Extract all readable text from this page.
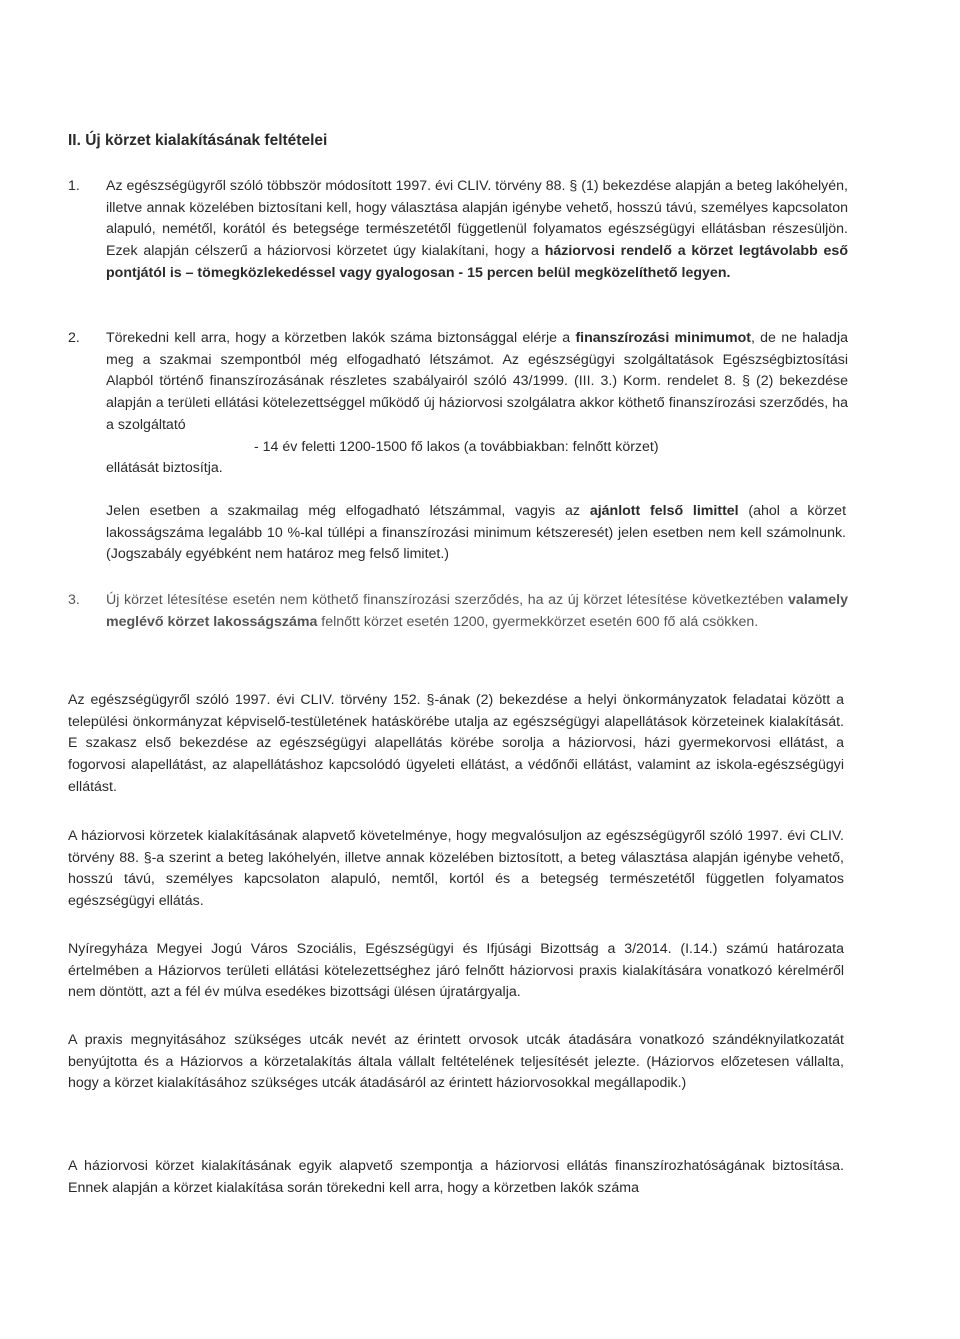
II. Új körzet kialakításának feltételei
1. Az egészségügyről szóló többször módosított 1997. évi CLIV. törvény 88. § (1) bekezdése alapján a beteg lakóhelyén, illetve annak közelében biztosítani kell, hogy választása alapján igénybe vehető, hosszú távú, személyes kapcsolaton alapuló, nemétől, korától és betegsége természetétől függetlenül folyamatos egészségügyi ellátásban részesüljön. Ezek alapján célszerű a háziorvosi körzetet úgy kialakítani, hogy a háziorvosi rendelő a körzet legtávolabb eső pontjától is – tömegközlekedéssel vagy gyalogosan - 15 percen belül megközelíthető legyen.
2. Törekedni kell arra, hogy a körzetben lakók száma biztonsággal elérje a finanszírozási minimumot, de ne haladja meg a szakmai szempontból még elfogadható létszámot. Az egészségügyi szolgáltatások Egészségbiztosítási Alapból történő finanszírozásának részletes szabályairól szóló 43/1999. (III. 3.) Korm. rendelet 8. § (2) bekezdése alapján a területi ellátási kötelezettséggel működő új háziorvosi szolgálatra akkor köthető finanszírozási szerződés, ha a szolgáltató
- 14 év feletti 1200-1500 fő lakos (a továbbiakban: felnőtt körzet)
ellátását biztosítja.
Jelen esetben a szakmailag még elfogadható létszámmal, vagyis az ajánlott felső limittel (ahol a körzet lakosságszáma legalább 10 %-kal túllépi a finanszírozási minimum kétszeresét) jelen esetben nem kell számolnunk. (Jogszabály egyébként nem határoz meg felső limitet.)
3. Új körzet létesítése esetén nem köthető finanszírozási szerződés, ha az új körzet létesítése következtében valamely meglévő körzet lakosságszáma felnőtt körzet esetén 1200, gyermekkörzet esetén 600 fő alá csökken.
Az egészségügyről szóló 1997. évi CLIV. törvény 152. §-ának (2) bekezdése a helyi önkormányzatok feladatai között a települési önkormányzat képviselő-testületének hatáskörébe utalja az egészségügyi alapellátások körzeteinek kialakítását. E szakasz első bekezdése az egészségügyi alapellátás körébe sorolja a háziorvosi, házi gyermekorvosi ellátást, a fogorvosi alapellátást, az alapellátáshoz kapcsolódó ügyeleti ellátást, a védőnői ellátást, valamint az iskola-egészségügyi ellátást.
A háziorvosi körzetek kialakításának alapvető követelménye, hogy megvalósuljon az egészségügyről szóló 1997. évi CLIV. törvény 88. §-a szerint a beteg lakóhelyén, illetve annak közelében biztosított, a beteg választása alapján igénybe vehető, hosszú távú, személyes kapcsolaton alapuló, nemtől, kortól és a betegség természetétől független folyamatos egészségügyi ellátás.
Nyíregyháza Megyei Jogú Város Szociális, Egészségügyi és Ifjúsági Bizottság a 3/2014. (I.14.) számú határozata értelmében a Háziorvos területi ellátási kötelezettséghez járó felnőtt háziorvosi praxis kialakítására vonatkozó kérelméről nem döntött, azt a fél év múlva esedékes bizottsági ülésen újratárgyalja.
A praxis megnyitásához szükséges utcák nevét az érintett orvosok utcák átadására vonatkozó szándéknyilatkozatát benyújtotta és a Háziorvos a körzetalakítás általa vállalt feltételének teljesítését jelezte. (Háziorvos előzetesen vállalta, hogy a körzet kialakításához szükséges utcák átadásáról az érintett háziorvosokkal megállapodik.)
A háziorvosi körzet kialakításának egyik alapvető szempontja a háziorvosi ellátás finanszírozhatóságának biztosítása. Ennek alapján a körzet kialakítása során törekedni kell arra, hogy a körzetben lakók száma
